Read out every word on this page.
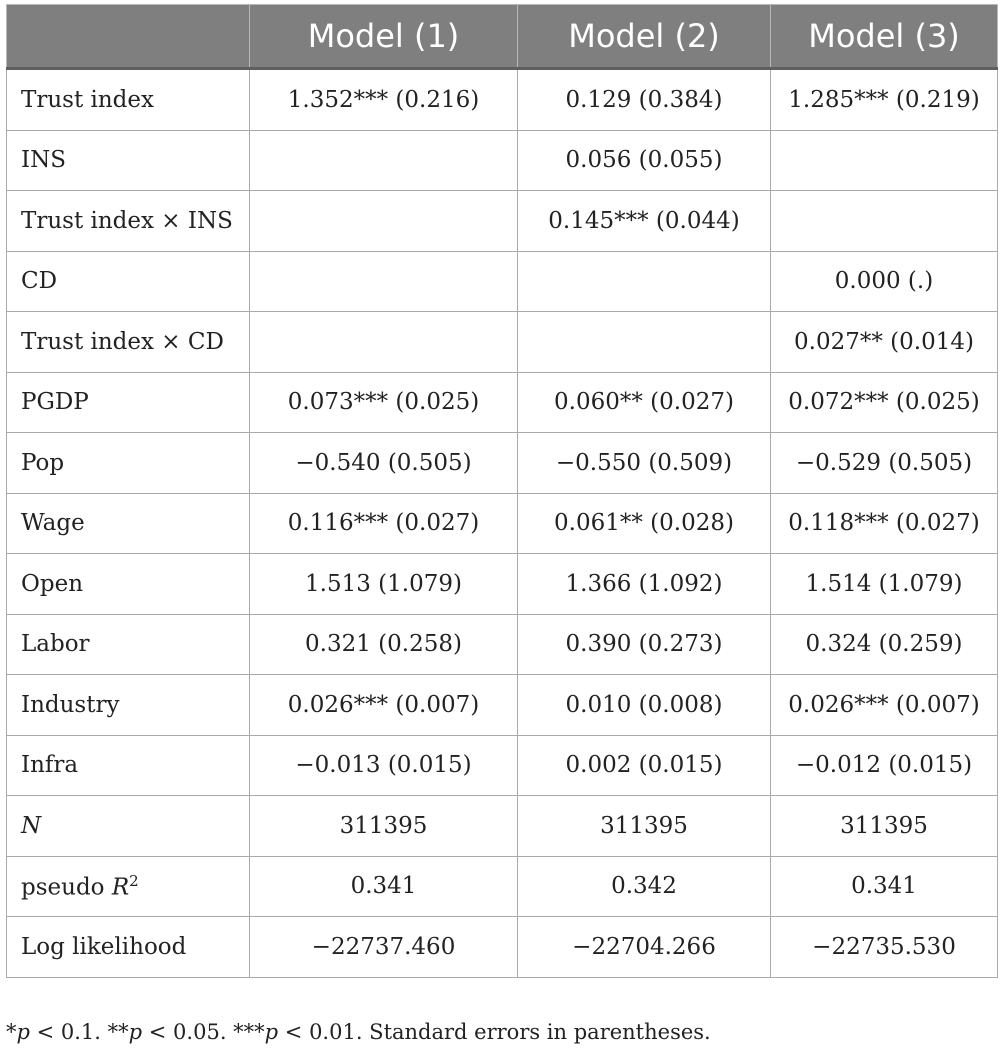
	Model (1)	Model (2)	Model (3)
Trust index	1.352*** (0.216)	0.129 (0.384)	1.285*** (0.219)
INS		0.056 (0.055)	
Trust index × INS		0.145*** (0.044)	
CD			0.000 (.)
Trust index × CD			0.027** (0.014)
PGDP	0.073*** (0.025)	0.060** (0.027)	0.072*** (0.025)
Pop	−0.540 (0.505)	−0.550 (0.509)	−0.529 (0.505)
Wage	0.116*** (0.027)	0.061** (0.028)	0.118*** (0.027)
Open	1.513 (1.079)	1.366 (1.092)	1.514 (1.079)
Labor	0.321 (0.258)	0.390 (0.273)	0.324 (0.259)
Industry	0.026*** (0.007)	0.010 (0.008)	0.026*** (0.007)
Infra	−0.013 (0.015)	0.002 (0.015)	−0.012 (0.015)
N	311395	311395	311395
pseudo $R^2$	0.341	0.342	0.341
Log likelihood	−22737.460	−22704.266	−22735.530
*p < 0.1. **p < 0.05. ***p < 0.01. Standard errors in parentheses.
